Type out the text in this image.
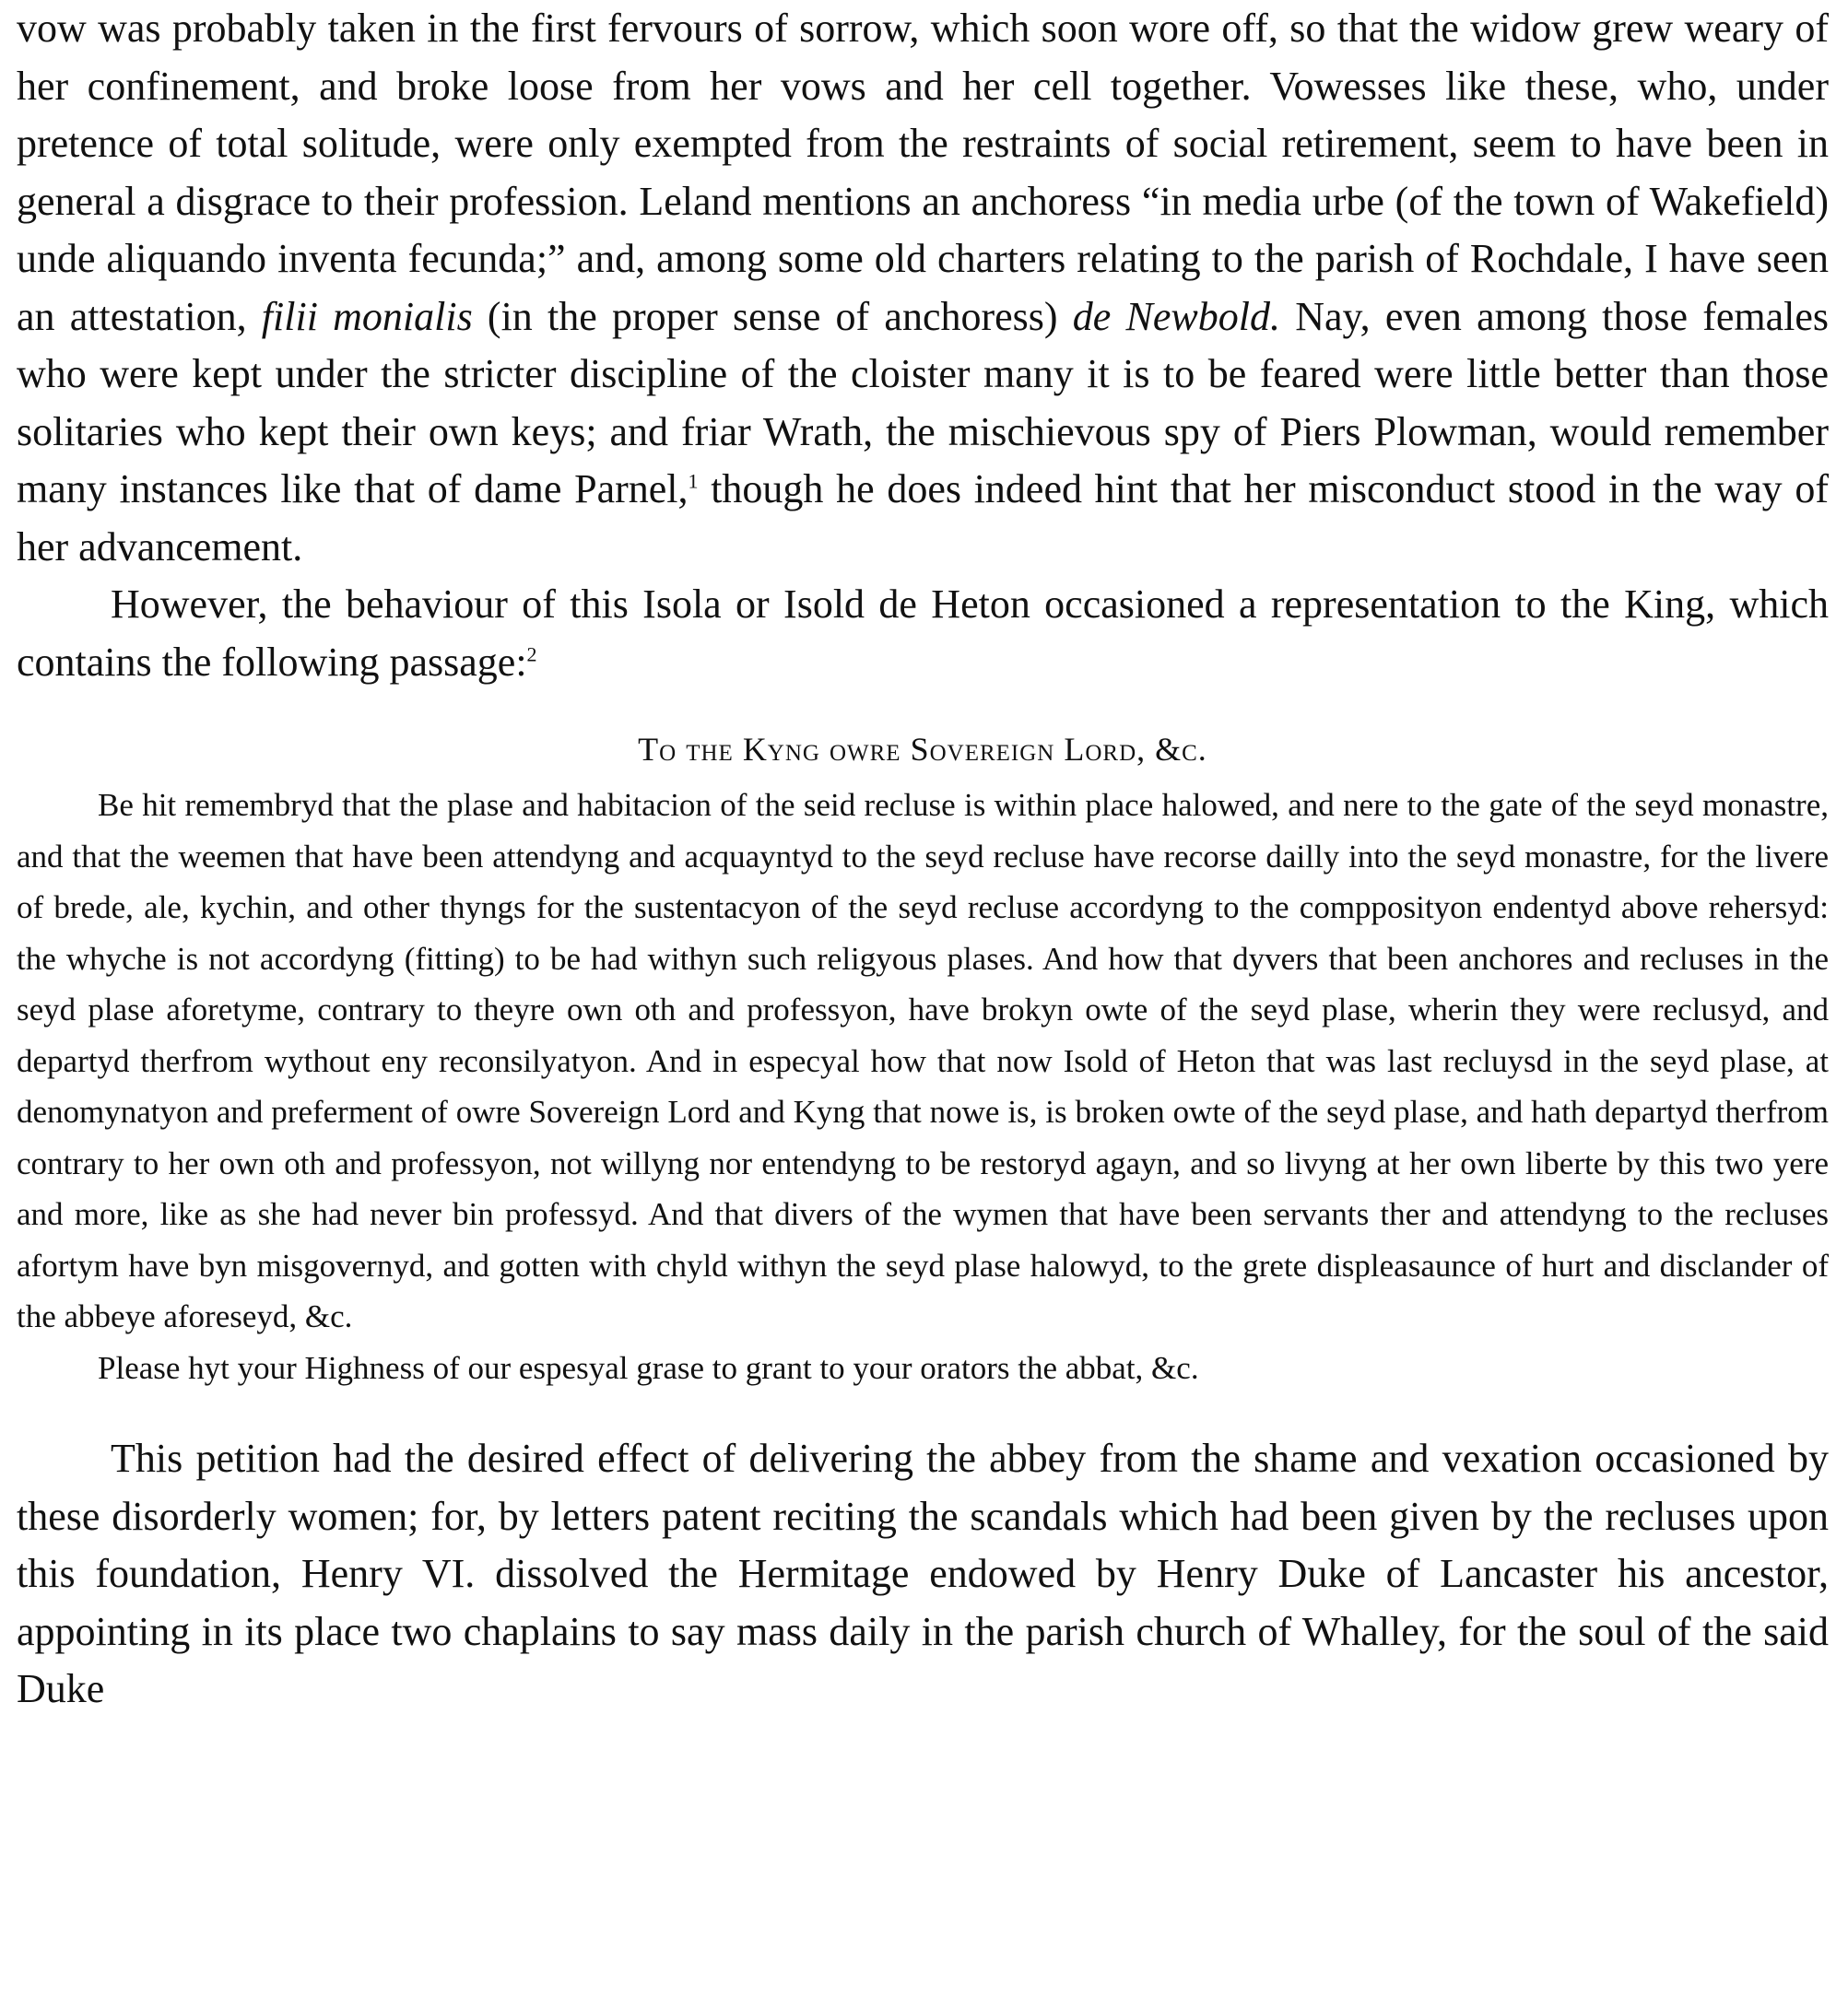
vow was probably taken in the first fervours of sorrow, which soon wore off, so that the widow grew weary of her confinement, and broke loose from her vows and her cell together. Vowesses like these, who, under pretence of total solitude, were only exempted from the restraints of social retirement, seem to have been in general a disgrace to their profession. Leland mentions an anchoress “in media urbe (of the town of Wakefield) unde aliquando inventa fecunda;” and, among some old charters relating to the parish of Rochdale, I have seen an attestation, filii monialis (in the proper sense of anchoress) de Newbold. Nay, even among those females who were kept under the stricter discipline of the cloister many it is to be feared were little better than those solitaries who kept their own keys; and friar Wrath, the mischievous spy of Piers Plowman, would remember many instances like that of dame Parnel,$^1$ though he does indeed hint that her misconduct stood in the way of her advancement.

However, the behaviour of this Isola or Isold de Heton occasioned a representation to the King, which contains the following passage:$^2$

To the Kyng owre Sovereign Lord, &c.

Be hit remembryd that the plase and habitacion of the seid recluse is within place halowed, and nere to the gate of the seyd monastre, and that the weemen that have been attendyng and acquayntyd to the seyd recluse have recorse dailly into the seyd monastre, for the livere of brede, ale, kychin, and other thyngs for the sustentacyon of the seyd recluse accordyng to the compposityon endentyd above rehersyd: the whyche is not accordyng (fitting) to be had withyn such religyous plases. And how that dyvers that been anchores and recluses in the seyd plase aforetyme, contrary to theyre own oth and professyon, have brokyn owte of the seyd plase, wherin they were reclusyd, and departyd therfrom wythout eny reconsilyatyon. And in especyal how that now Isold of Heton that was last recluysd in the seyd plase, at denomynatyon and preferment of owre Sovereign Lord and Kyng that nowe is, is broken owte of the seyd plase, and hath departyd therfrom contrary to her own oth and professyon, not willyng nor entendyng to be restoryd agayn, and so livyng at her own liberte by this two yere and more, like as she had never bin professyd. And that divers of the wymen that have been servants ther and attendyng to the recluses afortym have byn misgovernyd, and gotten with chyld withyn the seyd plase halowyd, to the grete displeasaunce of hurt and disclander of the abbeye aforeseyd, &c.

Please hyt your Highness of our espesyal grase to grant to your orators the abbat, &c.

This petition had the desired effect of delivering the abbey from the shame and vexation occasioned by these disorderly women; for, by letters patent reciting the scandals which had been given by the recluses upon this foundation, Henry VI. dissolved the Hermitage endowed by Henry Duke of Lancaster his ancestor, appointing in its place two chaplains to say mass daily in the parish church of Whalley, for the soul of the said Duke
